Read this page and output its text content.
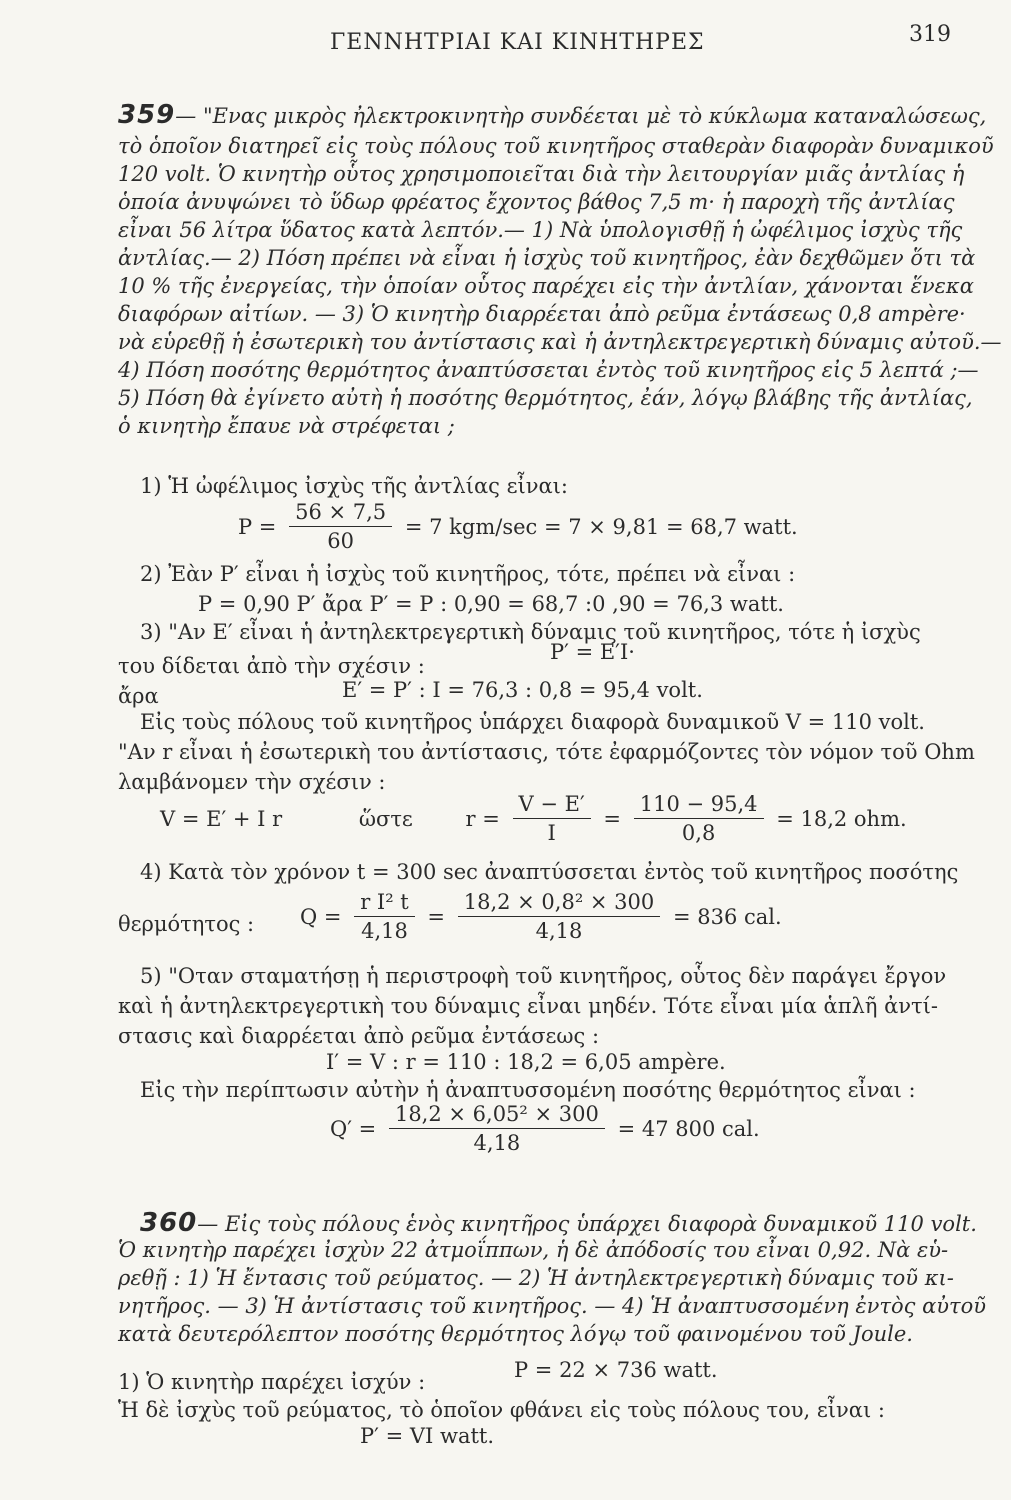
ΓΕΝΝΗΤΡΙΑΙ ΚΑΙ ΚΙΝΗΤΗΡΕΣ	319
359— "Ενας μικρὸς ἠλεκτροκινητὴρ συνδέεται μὲ τὸ κύκλωμα καταναλώσεως,
τὸ ὁποῖον διατηρεῖ εἰς τοὺς πόλους τοῦ κινητῆρος σταθερὰν διαφορὰν δυναμικοῦ
120 volt. Ὁ κινητὴρ οὗτος χρησιμοποιεῖται διὰ τὴν λειτουργίαν μιᾶς ἀντλίας ἡ
ὁποία ἀνυψώνει τὸ ὕδωρ φρέατος ἔχοντος βάθος 7,5 m· ἡ παροχὴ τῆς ἀντλίας
εἶναι 56 λίτρα ὕδατος κατὰ λεπτόν.— 1) Νὰ ὑπολογισθῇ ἡ ὠφέλιμος ἰσχὺς τῆς
ἀντλίας.— 2) Πόση πρέπει νὰ εἶναι ἡ ἰσχὺς τοῦ κινητῆρος, ἐὰν δεχθῶμεν ὅτι τὰ
10 % τῆς ἐνεργείας, τὴν ὁποίαν οὗτος παρέχει εἰς τὴν ἀντλίαν, χάνονται ἕνεκα
διαφόρων αἰτίων. — 3) Ὁ κινητὴρ διαρρέεται ἀπὸ ρεῦμα ἐντάσεως 0,8 ampère·
νὰ εὑρεθῇ ἡ ἐσωτερικὴ του ἀντίστασις καὶ ἡ ἀντηλεκτρεγερτικὴ δύναμις αὐτοῦ.—
4) Πόση ποσότης θερμότητος ἀναπτύσσεται ἐντὸς τοῦ κινητῆρος εἰς 5 λεπτά ;—
5) Πόση θὰ ἐγίνετο αὐτὴ ἡ ποσότης θερμότητος, ἐάν, λόγῳ βλάβης τῆς ἀντλίας,
ὁ κινητὴρ ἔπαυε νὰ στρέφεται ;
1) Ἡ ὠφέλιμος ἰσχὺς τῆς ἀντλίας εἶναι:
$P = \frac{56 \times 7,5}{60} = 7$ kgm/sec = 7 × 9,81 = 68,7 watt.
2) Ἐὰν P′ εἶναι ἡ ἰσχὺς τοῦ κινητῆρος, τότε, πρέπει νὰ εἶναι :
P = 0,90 P′ ἄρα P′ = P : 0,90 = 68,7 :0 ,90 = 76,3 watt.
3) "Αν E′ εἶναι ἡ ἀντηλεκτρεγερτικὴ δύναμις τοῦ κινητῆρος, τότε ἡ ἰσχὺς
του δίδεται ἀπὸ τὴν σχέσιν :
P′ = E′I·
ἄρα	E′ = P′ : I = 76,3 : 0,8 = 95,4 volt.
Εἰς τοὺς πόλους τοῦ κινητῆρος ὑπάρχει διαφορὰ δυναμικοῦ V = 110 volt.
"Αν r εἶναι ἡ ἐσωτερικὴ του ἀντίστασις, τότε ἐφαρμόζοντες τὸν νόμον τοῦ Ohm
λαμβάνομεν τὴν σχέσιν :
V = E′ + I r	ὥστε	$r = \frac{V - E'}{I} = \frac{110 - 95,4}{0,8} = 18,2$ ohm.
4) Κατὰ τὸν χρόνον t = 300 sec ἀναπτύσσεται ἐντὸς τοῦ κινητῆρος ποσότης
θερμότητος : $Q = \frac{\text{r I² t}}{4,18} = \frac{\text{18,2 × 0,8² × 300}}{4,18} = 836$ cal.
5) "Οταν σταματήσῃ ἡ περιστροφὴ τοῦ κινητῆρος, οὗτος δὲν παράγει ἔργον
καὶ ἡ ἀντηλεκτρεγερτικὴ του δύναμις εἶναι μηδέν. Τότε εἶναι μία ἁπλῆ ἀντί-
στασις καὶ διαρρέεται ἀπὸ ρεῦμα ἐντάσεως :
I′ = V : r = 110 : 18,2 = 6,05 ampère.
Εἰς τὴν περίπτωσιν αὐτὴν ἡ ἀναπτυσσομένη ποσότης θερμότητος εἶναι :
$Q' = \frac{\text{18,2 × 6,05² × 300}}{4,18} = 47$ 800 cal.
360— Εἰς τοὺς πόλους ἑνὸς κινητῆρος ὑπάρχει διαφορὰ δυναμικοῦ 110 volt.
Ὁ κινητὴρ παρέχει ἰσχὺν 22 ἀτμοΐππων, ἡ δὲ ἀπόδοσίς του εἶναι 0,92. Νὰ εὑ-
ρεθῇ : 1) Ἡ ἔντασις τοῦ ρεύματος. — 2) Ἡ ἀντηλεκτρεγερτικὴ δύναμις τοῦ κι-
νητῆρος. — 3) Ἡ ἀντίστασις τοῦ κινητῆρος. — 4) Ἡ ἀναπτυσσομένη ἐντὸς αὐτοῦ
κατὰ δευτερόλεπτον ποσότης θερμότητος λόγῳ τοῦ φαινομένου τοῦ Joule.
1) Ὁ κινητὴρ παρέχει ἰσχύν :	P = 22 × 736 watt.
Ἡ δὲ ἰσχὺς τοῦ ρεύματος, τὸ ὁποῖον φθάνει εἰς τοὺς πόλους του, εἶναι :
P′ = VI watt.
